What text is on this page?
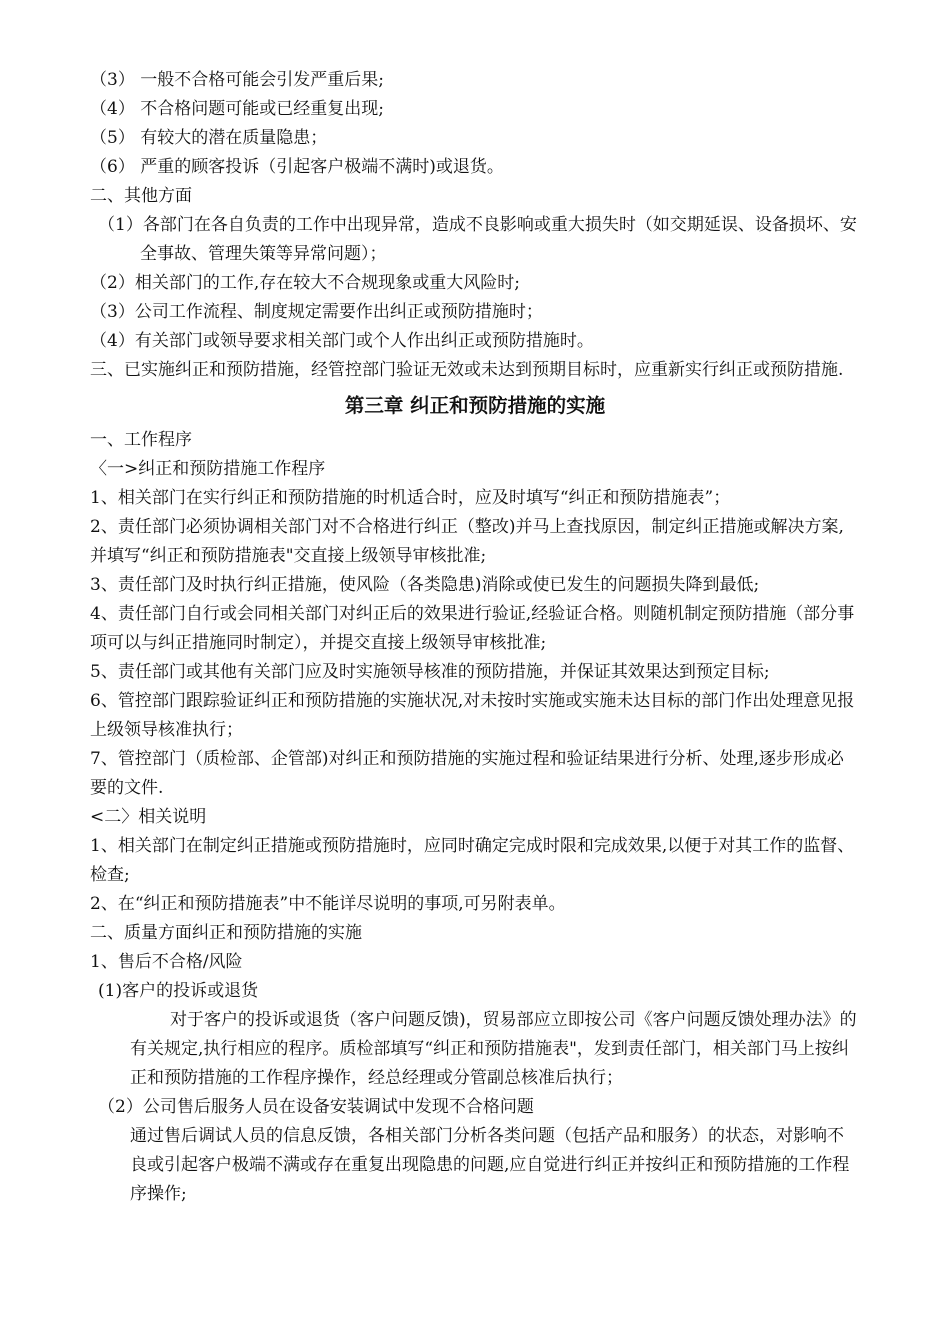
（3） 一般不合格可能会引发严重后果;

（4） 不合格问题可能或已经重复出现;

（5） 有较大的潜在质量隐患；

（6） 严重的顾客投诉（引起客户极端不满时)或退货。

二、其他方面

（1）各部门在各自负责的工作中出现异常，造成不良影响或重大损失时（如交期延误、设备损坏、安全事故、管理失策等异常问题）；

（2）相关部门的工作,存在较大不合规现象或重大风险时;

（3）公司工作流程、制度规定需要作出纠正或预防措施时；

（4）有关部门或领导要求相关部门或个人作出纠正或预防措施时。

三、已实施纠正和预防措施，经管控部门验证无效或未达到预期目标时，应重新实行纠正或预防措施.

第三章 纠正和预防措施的实施

一、工作程序

〈一>纠正和预防措施工作程序

1、相关部门在实行纠正和预防措施的时机适合时，应及时填写“纠正和预防措施表”；

2、责任部门必须协调相关部门对不合格进行纠正（整改)并马上查找原因，制定纠正措施或解决方案,并填写“纠正和预防措施表"交直接上级领导审核批准;

3、责任部门及时执行纠正措施，使风险（各类隐患)消除或使已发生的问题损失降到最低;

4、责任部门自行或会同相关部门对纠正后的效果进行验证,经验证合格。则随机制定预防措施（部分事项可以与纠正措施同时制定），并提交直接上级领导审核批准;

5、责任部门或其他有关部门应及时实施领导核准的预防措施，并保证其效果达到预定目标;

6、管控部门跟踪验证纠正和预防措施的实施状况,对未按时实施或实施未达目标的部门作出处理意见报上级领导核准执行；

7、管控部门（质检部、企管部)对纠正和预防措施的实施过程和验证结果进行分析、处理,逐步形成必要的文件.

<二〉相关说明

1、相关部门在制定纠正措施或预防措施时，应同时确定完成时限和完成效果,以便于对其工作的监督、检查;

2、在“纠正和预防措施表”中不能详尽说明的事项,可另附表单。

二、质量方面纠正和预防措施的实施

1、售后不合格/风险

(1)客户的投诉或退货

对于客户的投诉或退货（客户问题反馈)，贸易部应立即按公司《客户问题反馈处理办法》的有关规定,执行相应的程序。质检部填写“纠正和预防措施表"，发到责任部门，相关部门马上按纠正和预防措施的工作程序操作，经总经理或分管副总核准后执行；

（2）公司售后服务人员在设备安装调试中发现不合格问题

通过售后调试人员的信息反馈，各相关部门分析各类问题（包括产品和服务）的状态，对影响不良或引起客户极端不满或存在重复出现隐患的问题,应自觉进行纠正并按纠正和预防措施的工作程序操作;
